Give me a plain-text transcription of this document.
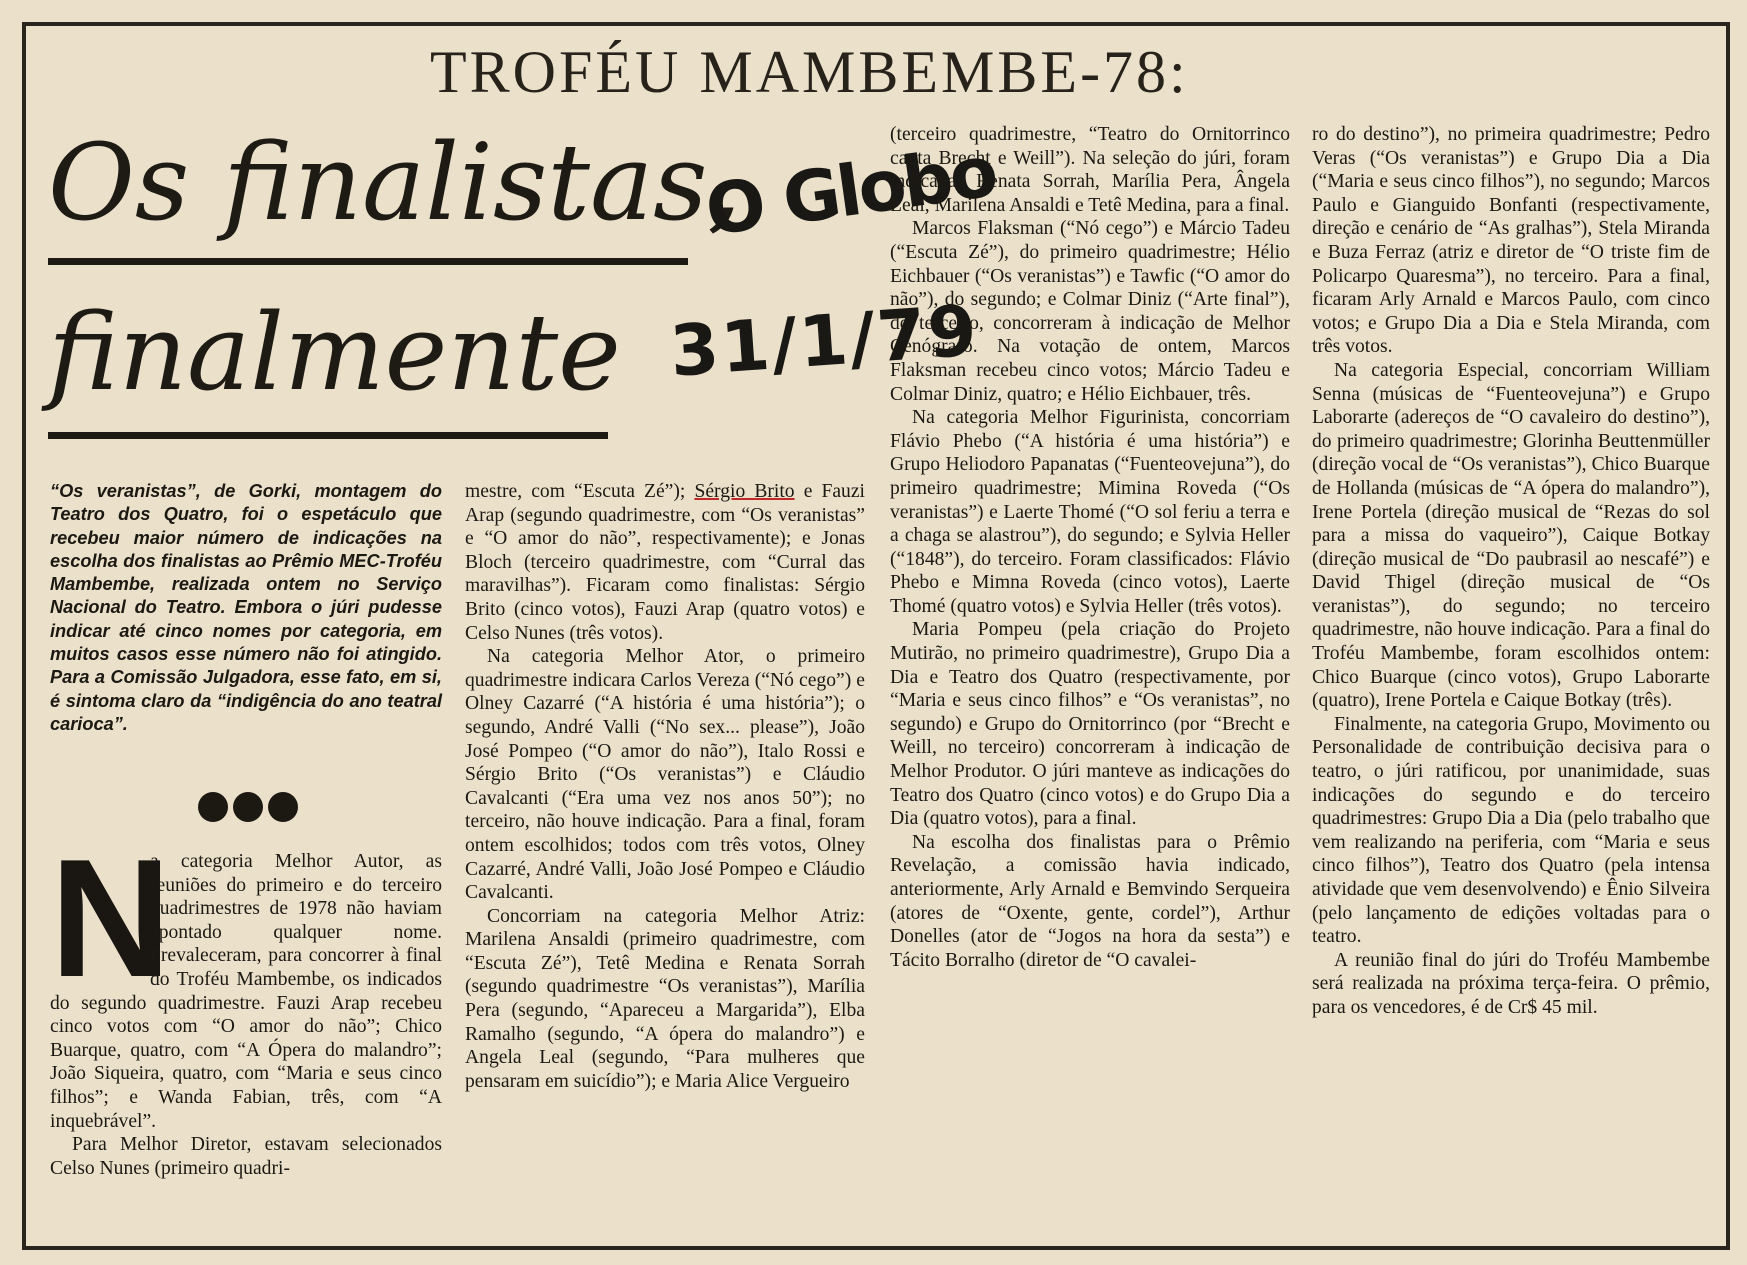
TROFÉU MAMBEMBE-78:
Os finalistas,
finalmente
O Globo
31/1/79
“Os veranistas”, de Gorki, montagem do Teatro dos Quatro, foi o espetáculo que recebeu maior número de indicações na escolha dos finalistas ao Prêmio MEC-Troféu Mambembe, realizada ontem no Serviço Nacional do Teatro. Embora o júri pudesse indicar até cinco nomes por categoria, em muitos casos esse número não foi atingido. Para a Comissão Julgadora, esse fato, em si, é sintoma claro da “indigência do ano teatral carioca”.
N

a categoria Melhor Autor, as reuniões do primeiro e do terceiro quadrimestres de 1978 não haviam apontado qualquer nome. Prevaleceram, para concorrer à final do Troféu Mambembe, os indicados do segundo quadrimestre. Fauzi Arap recebeu cinco votos com “O amor do não”; Chico Buarque, quatro, com “A Ópera do malandro”; João Siqueira, quatro, com “Maria e seus cinco filhos”; e Wanda Fabian, três, com “A inquebrável”.

Para Melhor Diretor, estavam selecionados Celso Nunes (primeiro quadri-

mestre, com “Escuta Zé”); Sérgio Brito e Fauzi Arap (segundo quadrimestre, com “Os veranistas” e “O amor do não”, respectivamente); e Jonas Bloch (terceiro quadrimestre, com “Curral das maravilhas”). Ficaram como finalistas: Sérgio Brito (cinco votos), Fauzi Arap (quatro votos) e Celso Nunes (três votos).

Na categoria Melhor Ator, o primeiro quadrimestre indicara Carlos Vereza (“Nó cego”) e Olney Cazarré (“A história é uma história”); o segundo, André Valli (“No sex... please”), João José Pompeo (“O amor do não”), Italo Rossi e Sérgio Brito (“Os veranistas”) e Cláudio Cavalcanti (“Era uma vez nos anos 50”); no terceiro, não houve indicação. Para a final, foram ontem escolhidos; todos com três votos, Olney Cazarré, André Valli, João José Pompeo e Cláudio Cavalcanti.

Concorriam na categoria Melhor Atriz: Marilena Ansaldi (primeiro quadrimestre, com “Escuta Zé”), Tetê Medina e Renata Sorrah (segundo quadrimestre “Os veranistas”), Marília Pera (segundo, “Apareceu a Margarida”), Elba Ramalho (segundo, “A ópera do malandro”) e Angela Leal (segundo, “Para mulheres que pensaram em suicídio”); e Maria Alice Vergueiro

(terceiro quadrimestre, “Teatro do Ornitorrinco canta Brecht e Weill”). Na seleção do júri, foram indicadas Renata Sorrah, Marília Pera, Ângela Leal, Marilena Ansaldi e Tetê Medina, para a final.

Marcos Flaksman (“Nó cego”) e Márcio Tadeu (“Escuta Zé”), do primeiro quadrimestre; Hélio Eichbauer (“Os veranistas”) e Tawfic (“O amor do não”), do segundo; e Colmar Diniz (“Arte final”), do terceiro, concorreram à indicação de Melhor Cenógrafo. Na votação de ontem, Marcos Flaksman recebeu cinco votos; Márcio Tadeu e Colmar Diniz, quatro; e Hélio Eichbauer, três.

Na categoria Melhor Figurinista, concorriam Flávio Phebo (“A história é uma história”) e Grupo Heliodoro Papanatas (“Fuenteovejuna”), do primeiro quadrimestre; Mimina Roveda (“Os veranistas”) e Laerte Thomé (“O sol feriu a terra e a chaga se alastrou”), do segundo; e Sylvia Heller (“1848”), do terceiro. Foram classificados: Flávio Phebo e Mimna Roveda (cinco votos), Laerte Thomé (quatro votos) e Sylvia Heller (três votos).

Maria Pompeu (pela criação do Projeto Mutirão, no primeiro quadrimestre), Grupo Dia a Dia e Teatro dos Quatro (respectivamente, por “Maria e seus cinco filhos” e “Os veranistas”, no segundo) e Grupo do Ornitorrinco (por “Brecht e Weill, no terceiro) concorreram à indicação de Melhor Produtor. O júri manteve as indicações do Teatro dos Quatro (cinco votos) e do Grupo Dia a Dia (quatro votos), para a final.

Na escolha dos finalistas para o Prêmio Revelação, a comissão havia indicado, anteriormente, Arly Arnald e Bemvindo Serqueira (atores de “Oxente, gente, cordel”), Arthur Donelles (ator de “Jogos na hora da sesta”) e Tácito Borralho (diretor de “O cavalei-

ro do destino”), no primeira quadrimestre; Pedro Veras (“Os veranistas”) e Grupo Dia a Dia (“Maria e seus cinco filhos”), no segundo; Marcos Paulo e Gianguido Bonfanti (respectivamente, direção e cenário de “As gralhas”), Stela Miranda e Buza Ferraz (atriz e diretor de “O triste fim de Policarpo Quaresma”), no terceiro. Para a final, ficaram Arly Arnald e Marcos Paulo, com cinco votos; e Grupo Dia a Dia e Stela Miranda, com três votos.

Na categoria Especial, concorriam William Senna (músicas de “Fuenteovejuna”) e Grupo Laborarte (adereços de “O cavaleiro do destino”), do primeiro quadrimestre; Glorinha Beuttenmüller (direção vocal de “Os veranistas”), Chico Buarque de Hollanda (músicas de “A ópera do malandro”), Irene Portela (direção musical de “Rezas do sol para a missa do vaqueiro”), Caique Botkay (direção musical de “Do paubrasil ao nescafé”) e David Thigel (direção musical de “Os veranistas”), do segundo; no terceiro quadrimestre, não houve indicação. Para a final do Troféu Mambembe, foram escolhidos ontem: Chico Buarque (cinco votos), Grupo Laborarte (quatro), Irene Portela e Caique Botkay (três).

Finalmente, na categoria Grupo, Movimento ou Personalidade de contribuição decisiva para o teatro, o júri ratificou, por unanimidade, suas indicações do segundo e do terceiro quadrimestres: Grupo Dia a Dia (pelo trabalho que vem realizando na periferia, com “Maria e seus cinco filhos”), Teatro dos Quatro (pela intensa atividade que vem desenvolvendo) e Ênio Silveira (pelo lançamento de edições voltadas para o teatro.

A reunião final do júri do Troféu Mambembe será realizada na próxima terça-feira. O prêmio, para os vencedores, é de Cr$ 45 mil.
